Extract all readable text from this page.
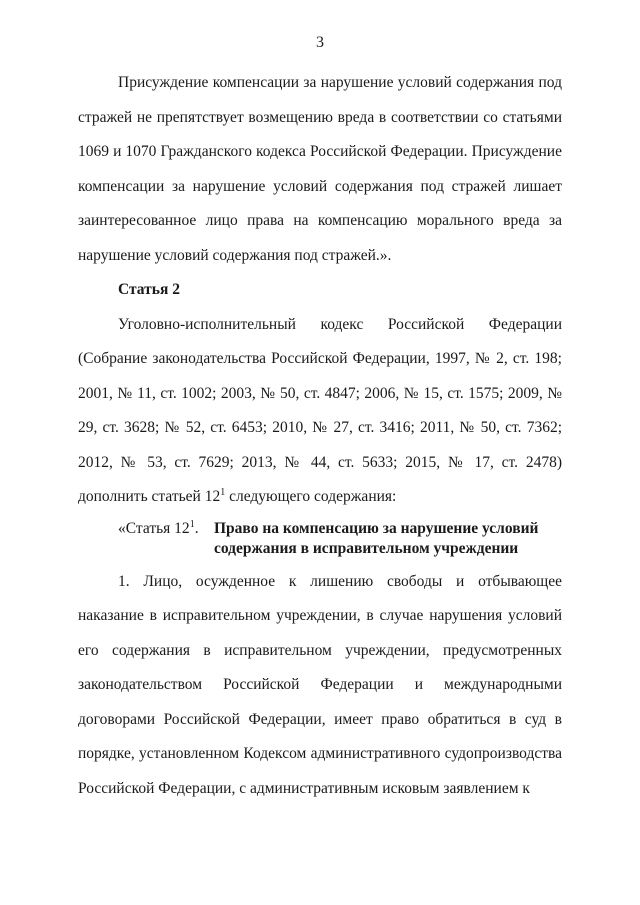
3

Присуждение компенсации за нарушение условий содержания под стражей не препятствует возмещению вреда в соответствии со статьями 1069 и 1070 Гражданского кодекса Российской Федерации. Присуждение компенсации за нарушение условий содержания под стражей лишает заинтересованное лицо права на компенсацию морального вреда за нарушение условий содержания под стражей.».

Статья 2

Уголовно-исполнительный кодекс Российской Федерации (Собрание законодательства Российской Федерации, 1997, № 2, ст. 198; 2001, № 11, ст. 1002; 2003, № 50, ст. 4847; 2006, № 15, ст. 1575; 2009, № 29, ст. 3628; № 52, ст. 6453; 2010, № 27, ст. 3416; 2011, № 50, ст. 7362; 2012, № 53, ст. 7629; 2013, № 44, ст. 5633; 2015, № 17, ст. 2478) дополнить статьей $12^1$ следующего содержания:

«Статья $12^1$. Право на компенсацию за нарушение условий
содержания в исправительном учреждении

1. Лицо, осужденное к лишению свободы и отбывающее наказание в исправительном учреждении, в случае нарушения условий его содержания в исправительном учреждении, предусмотренных законодательством Российской Федерации и международными договорами Российской Федерации, имеет право обратиться в суд в порядке, установленном Кодексом административного судопроизводства Российской Федерации, с административным исковым заявлением к
